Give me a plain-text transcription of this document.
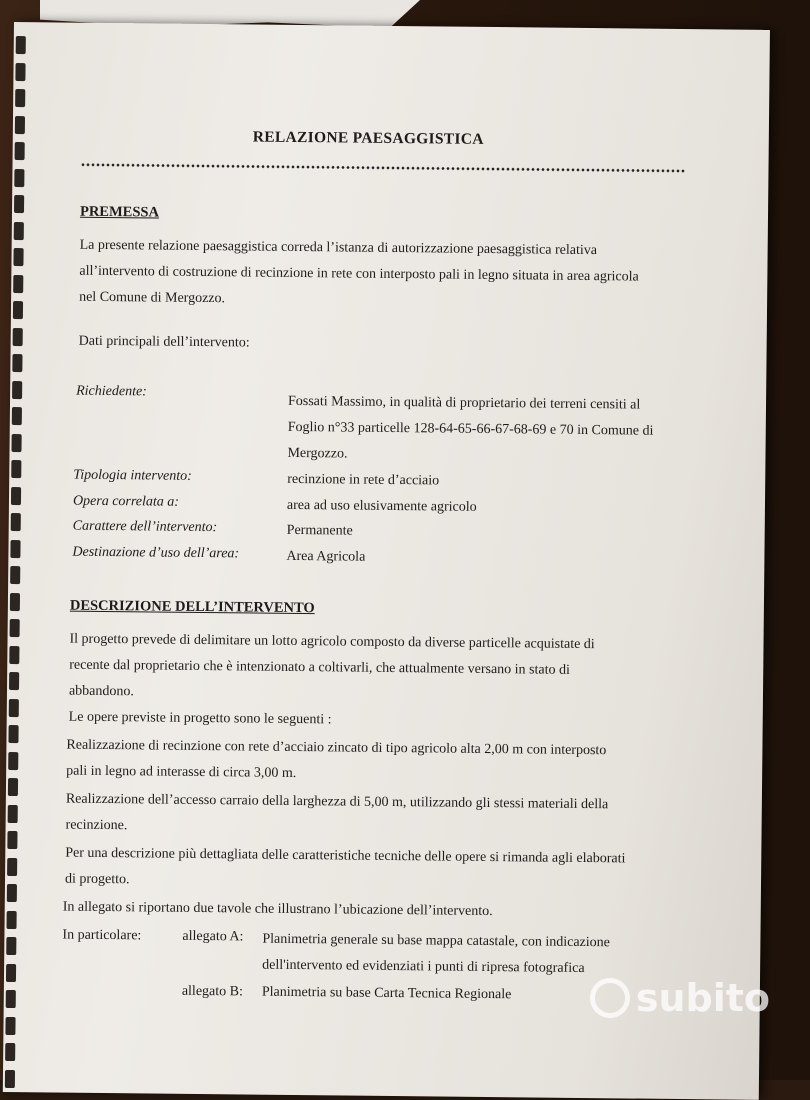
RELAZIONE PAESAGGISTICA
PREMESSA
La presente relazione paesaggistica correda l’istanza di autorizzazione paesaggistica relativa
all’intervento di costruzione di recinzione in rete con interposto pali in legno situata in area agricola
nel Comune di Mergozzo.
Dati principali dell’intervento:
Richiedente:
Fossati Massimo, in qualità di proprietario dei terreni censiti al
Foglio n°33 particelle 128-64-65-66-67-68-69 e 70 in Comune di
Mergozzo.
Tipologia intervento:	recinzione in rete d’acciaio
Opera correlata a:	area ad uso elusivamente agricolo
Carattere dell’intervento:	Permanente
Destinazione d’uso dell’area:	Area Agricola
DESCRIZIONE DELL’INTERVENTO
Il progetto prevede di delimitare un lotto agricolo composto da diverse particelle acquistate di
recente dal proprietario che è intenzionato a coltivarli, che attualmente versano in stato di
abbandono.
Le opere previste in progetto sono le seguenti :
Realizzazione di recinzione con rete d’acciaio zincato di tipo agricolo alta 2,00 m con interposto
pali in legno ad interasse di circa 3,00 m.
Realizzazione dell’accesso carraio della larghezza di 5,00 m, utilizzando gli stessi materiali della
recinzione.
Per una descrizione più dettagliata delle caratteristiche tecniche delle opere si rimanda agli elaborati
di progetto.
In allegato si riportano due tavole che illustrano l’ubicazione dell’intervento.
In particolare:	allegato A: Planimetria generale su base mappa catastale, con indicazione
dell'intervento ed evidenziati i punti di ripresa fotografica
allegato B: Planimetria su base Carta Tecnica Regionale	subito
